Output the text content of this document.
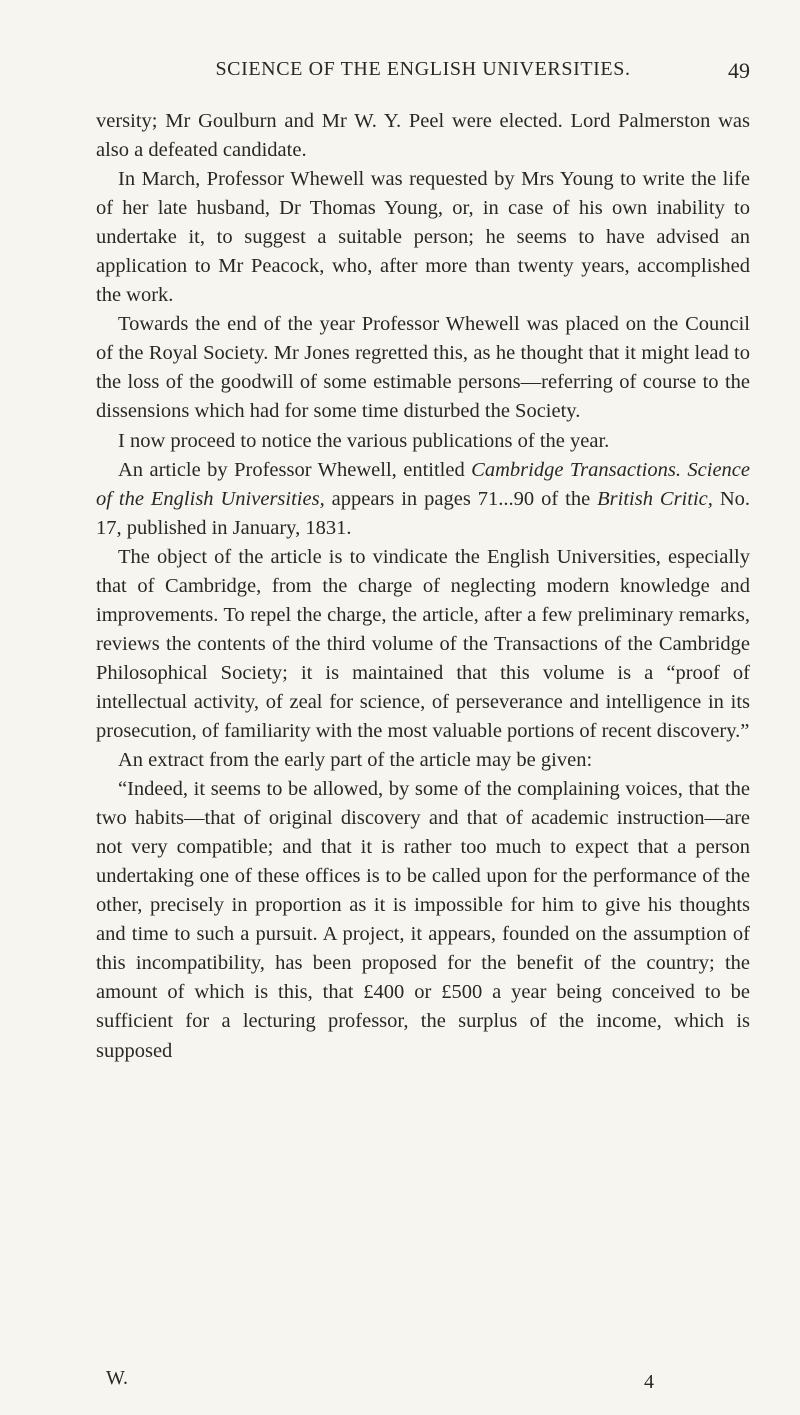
SCIENCE OF THE ENGLISH UNIVERSITIES.	49

versity; Mr Goulburn and Mr W. Y. Peel were elected. Lord Palmerston was also a defeated candidate.

In March, Professor Whewell was requested by Mrs Young to write the life of her late husband, Dr Thomas Young, or, in case of his own inability to undertake it, to suggest a suitable person; he seems to have advised an application to Mr Peacock, who, after more than twenty years, accomplished the work.

Towards the end of the year Professor Whewell was placed on the Council of the Royal Society. Mr Jones regretted this, as he thought that it might lead to the loss of the goodwill of some estimable persons—referring of course to the dissensions which had for some time disturbed the Society.

I now proceed to notice the various publications of the year.

An article by Professor Whewell, entitled Cambridge Transactions. Science of the English Universities, appears in pages 71...90 of the British Critic, No. 17, published in January, 1831.

The object of the article is to vindicate the English Universities, especially that of Cambridge, from the charge of neglecting modern knowledge and improvements. To repel the charge, the article, after a few preliminary remarks, reviews the contents of the third volume of the Transactions of the Cambridge Philosophical Society; it is maintained that this volume is a “proof of intellectual activity, of zeal for science, of perseverance and intelligence in its prosecution, of familiarity with the most valuable portions of recent discovery.”

An extract from the early part of the article may be given:

“Indeed, it seems to be allowed, by some of the complaining voices, that the two habits—that of original discovery and that of academic instruction—are not very compatible; and that it is rather too much to expect that a person undertaking one of these offices is to be called upon for the performance of the other, precisely in proportion as it is impossible for him to give his thoughts and time to such a pursuit. A project, it appears, founded on the assumption of this incompatibility, has been proposed for the benefit of the country; the amount of which is this, that £400 or £500 a year being conceived to be sufficient for a lecturing professor, the surplus of the income, which is supposed

W.	4
